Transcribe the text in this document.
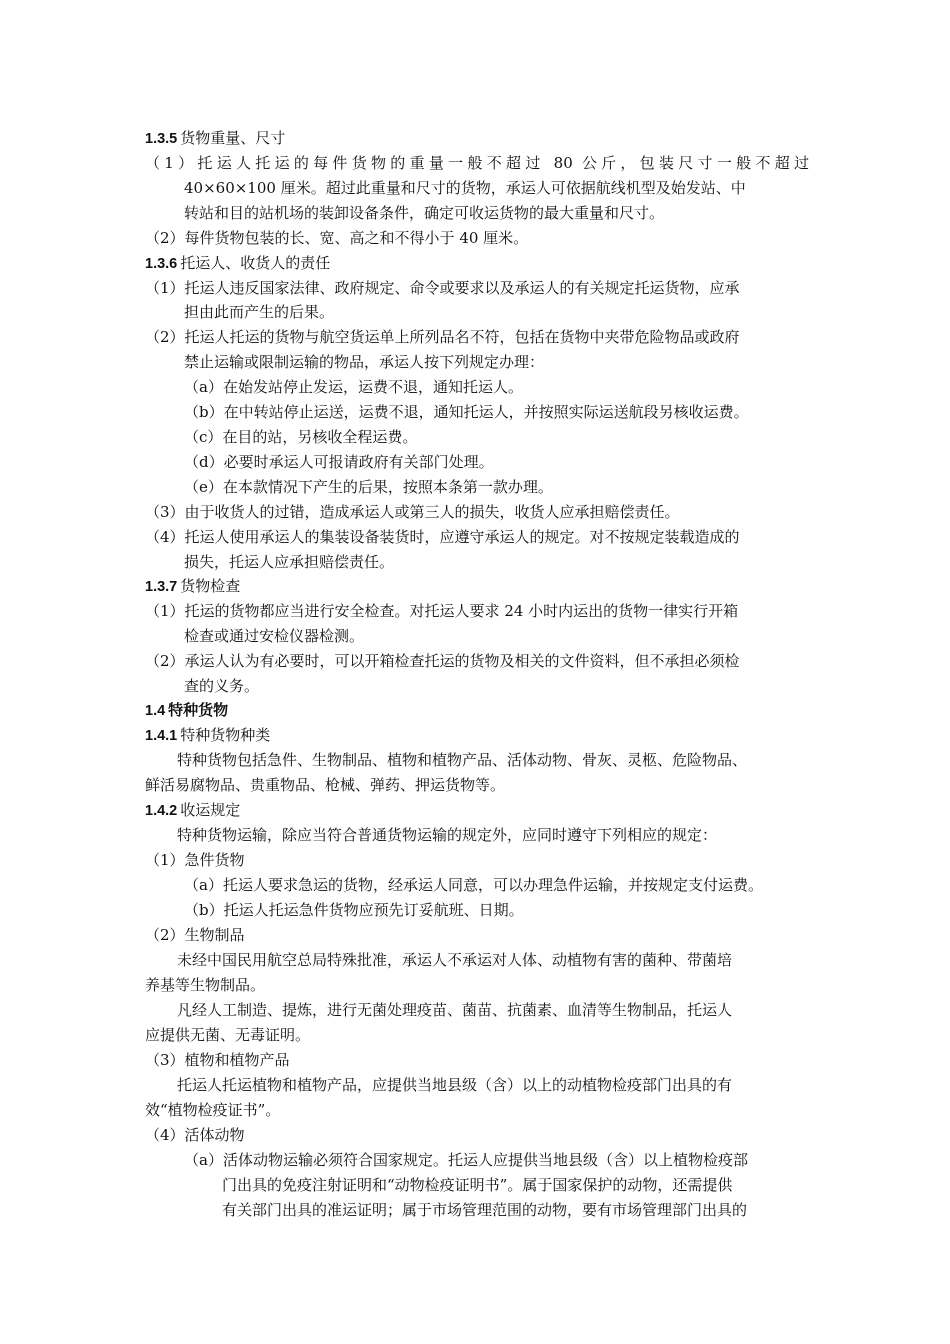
1.3.5 货物重量、尺寸
（1）托运人托运的每件货物的重量一般不超过 80 公斤，包装尺寸一般不超过
40×60×100 厘米。超过此重量和尺寸的货物，承运人可依据航线机型及始发站、中
转站和目的站机场的装卸设备条件，确定可收运货物的最大重量和尺寸。
（2）每件货物包装的长、宽、高之和不得小于 40 厘米。
1.3.6 托运人、收货人的责任
（1）托运人违反国家法律、政府规定、命令或要求以及承运人的有关规定托运货物，应承
担由此而产生的后果。
（2）托运人托运的货物与航空货运单上所列品名不符，包括在货物中夹带危险物品或政府
禁止运输或限制运输的物品，承运人按下列规定办理：
（a）在始发站停止发运，运费不退，通知托运人。
（b）在中转站停止运送，运费不退，通知托运人，并按照实际运送航段另核收运费。
（c）在目的站，另核收全程运费。
（d）必要时承运人可报请政府有关部门处理。
（e）在本款情况下产生的后果，按照本条第一款办理。
（3）由于收货人的过错，造成承运人或第三人的损失，收货人应承担赔偿责任。
（4）托运人使用承运人的集装设备装货时，应遵守承运人的规定。对不按规定装载造成的
损失，托运人应承担赔偿责任。
1.3.7 货物检查
（1）托运的货物都应当进行安全检查。对托运人要求 24 小时内运出的货物一律实行开箱
检查或通过安检仪器检测。
（2）承运人认为有必要时，可以开箱检查托运的货物及相关的文件资料，但不承担必须检
查的义务。
1.4 特种货物
1.4.1 特种货物种类
特种货物包括急件、生物制品、植物和植物产品、活体动物、骨灰、灵柩、危险物品、
鲜活易腐物品、贵重物品、枪械、弹药、押运货物等。
1.4.2 收运规定
特种货物运输，除应当符合普通货物运输的规定外，应同时遵守下列相应的规定：
（1）急件货物
（a）托运人要求急运的货物，经承运人同意，可以办理急件运输，并按规定支付运费。
（b）托运人托运急件货物应预先订妥航班、日期。
（2）生物制品
未经中国民用航空总局特殊批准，承运人不承运对人体、动植物有害的菌种、带菌培
养基等生物制品。
凡经人工制造、提炼，进行无菌处理疫苗、菌苗、抗菌素、血清等生物制品，托运人
应提供无菌、无毒证明。
（3）植物和植物产品
托运人托运植物和植物产品，应提供当地县级（含）以上的动植物检疫部门出具的有
效“植物检疫证书”。
（4）活体动物
（a）活体动物运输必须符合国家规定。托运人应提供当地县级（含）以上植物检疫部
门出具的免疫注射证明和“动物检疫证明书”。属于国家保护的动物，还需提供
有关部门出具的准运证明；属于市场管理范围的动物，要有市场管理部门出具的
